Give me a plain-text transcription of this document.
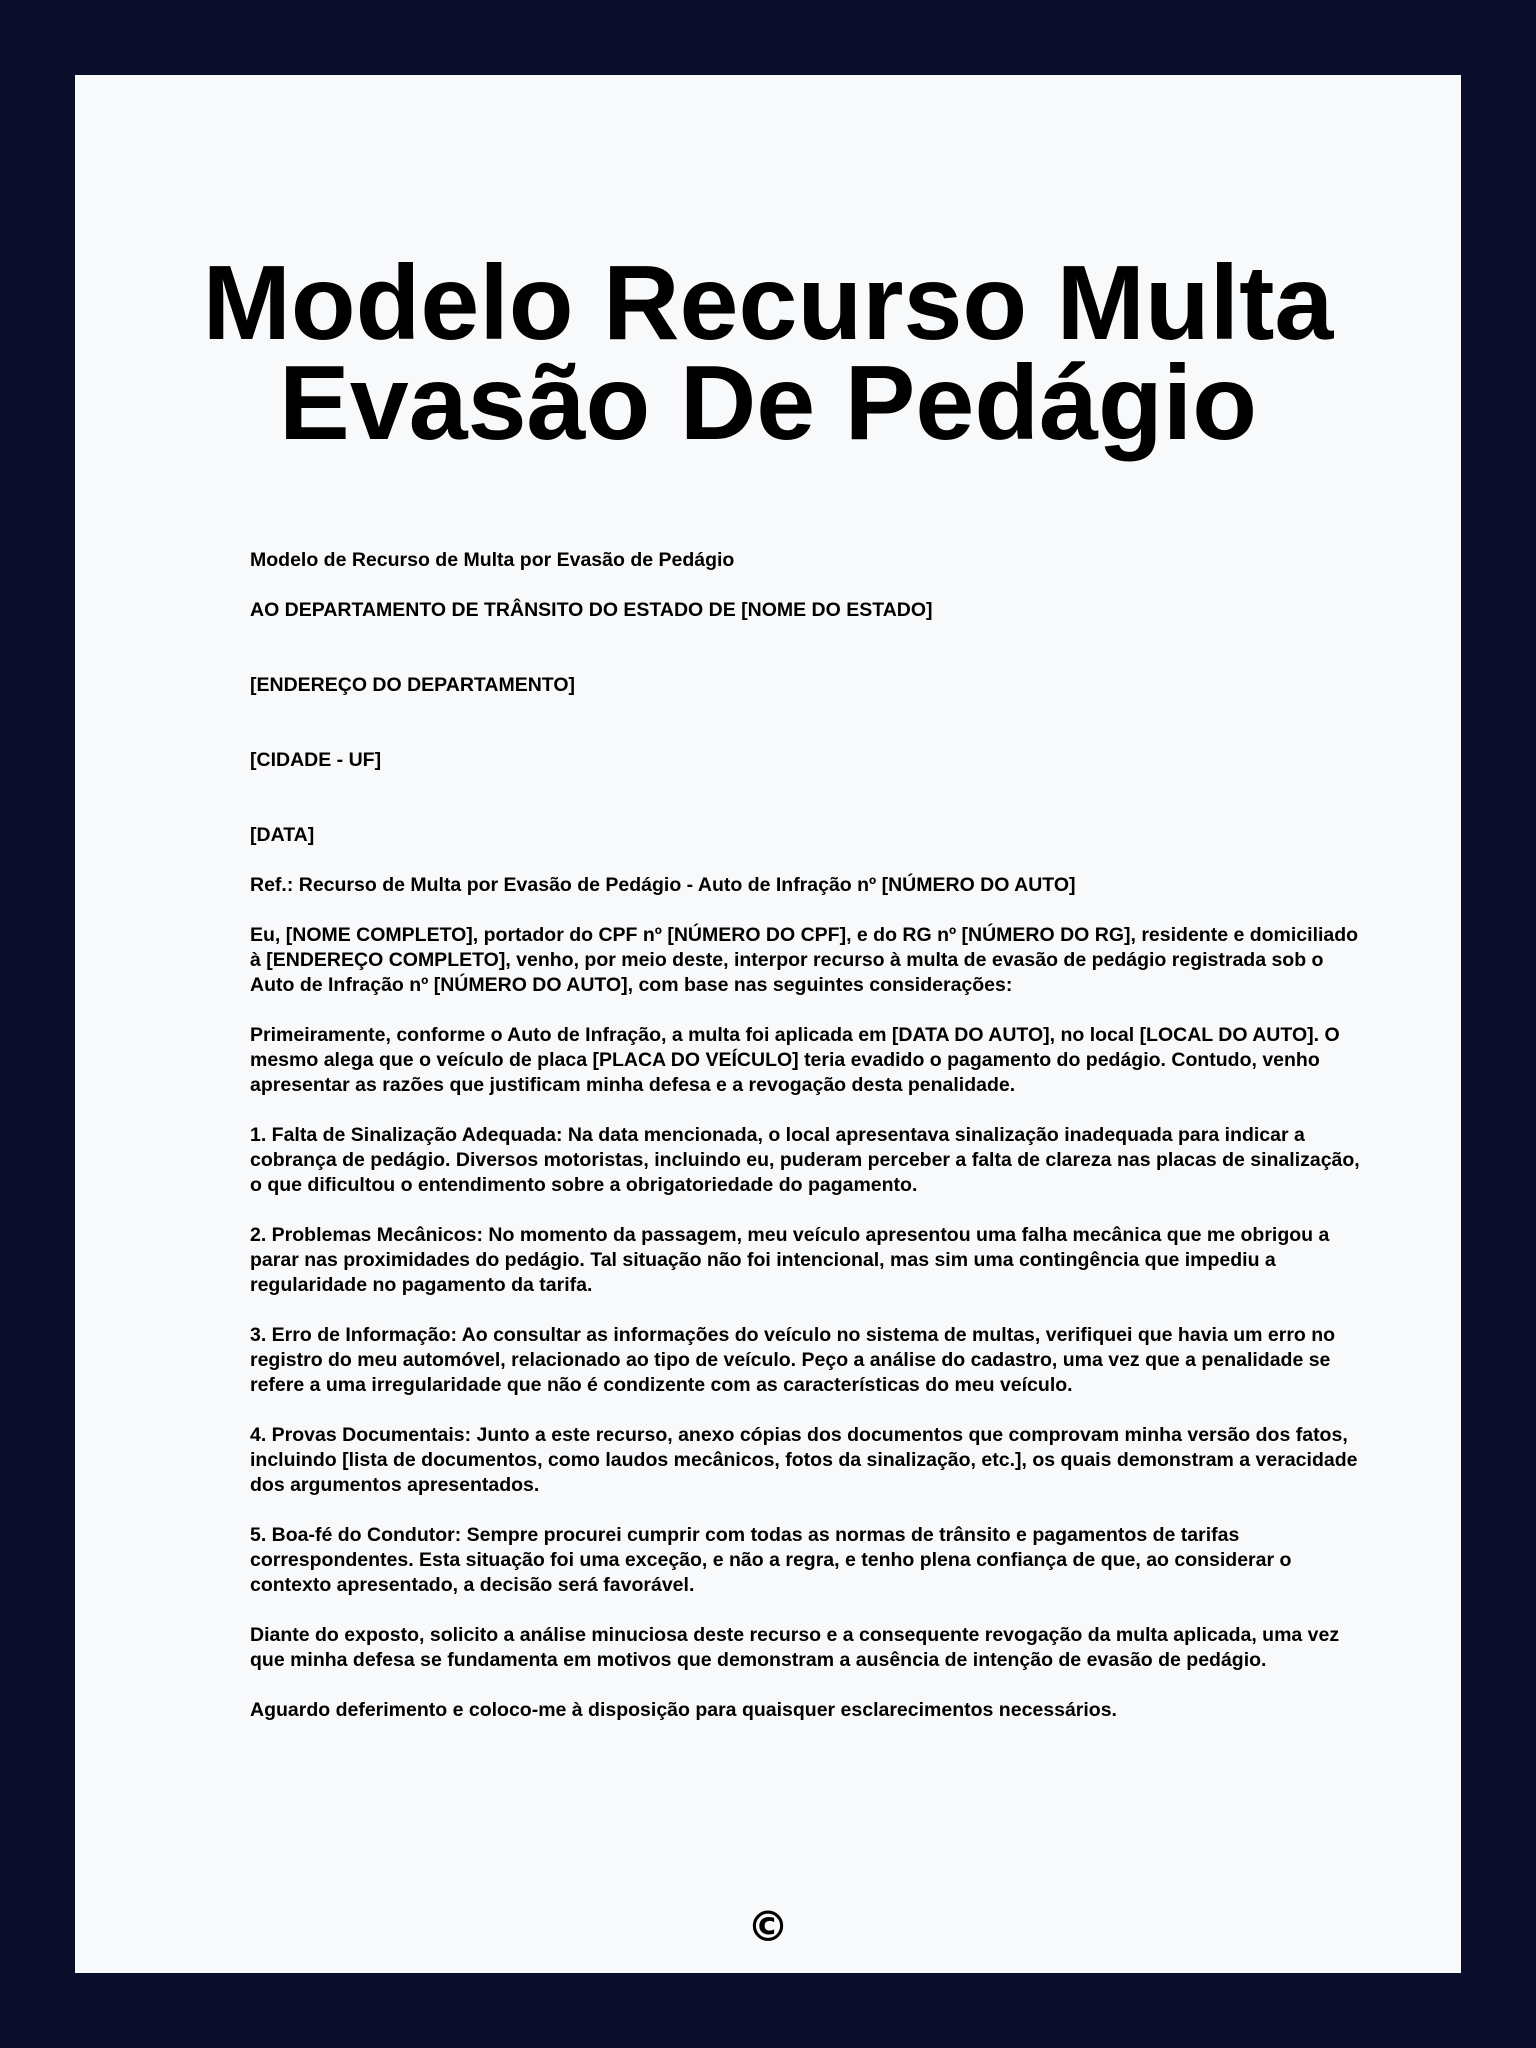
Modelo Recurso Multa
Evasão De Pedágio

Modelo de Recurso de Multa por Evasão de Pedágio

AO DEPARTAMENTO DE TRÂNSITO DO ESTADO DE [NOME DO ESTADO]

[ENDEREÇO DO DEPARTAMENTO]

[CIDADE - UF]

[DATA]

Ref.: Recurso de Multa por Evasão de Pedágio - Auto de Infração nº [NÚMERO DO AUTO]

Eu, [NOME COMPLETO], portador do CPF nº [NÚMERO DO CPF], e do RG nº [NÚMERO DO RG], residente e domiciliado à [ENDEREÇO COMPLETO], venho, por meio deste, interpor recurso à multa de evasão de pedágio registrada sob o Auto de Infração nº [NÚMERO DO AUTO], com base nas seguintes considerações:

Primeiramente, conforme o Auto de Infração, a multa foi aplicada em [DATA DO AUTO], no local [LOCAL DO AUTO]. O mesmo alega que o veículo de placa [PLACA DO VEÍCULO] teria evadido o pagamento do pedágio. Contudo, venho apresentar as razões que justificam minha defesa e a revogação desta penalidade.

1. Falta de Sinalização Adequada: Na data mencionada, o local apresentava sinalização inadequada para indicar a cobrança de pedágio. Diversos motoristas, incluindo eu, puderam perceber a falta de clareza nas placas de sinalização, o que dificultou o entendimento sobre a obrigatoriedade do pagamento.

2. Problemas Mecânicos: No momento da passagem, meu veículo apresentou uma falha mecânica que me obrigou a parar nas proximidades do pedágio. Tal situação não foi intencional, mas sim uma contingência que impediu a regularidade no pagamento da tarifa.

3. Erro de Informação: Ao consultar as informações do veículo no sistema de multas, verifiquei que havia um erro no registro do meu automóvel, relacionado ao tipo de veículo. Peço a análise do cadastro, uma vez que a penalidade se refere a uma irregularidade que não é condizente com as características do meu veículo.

4. Provas Documentais: Junto a este recurso, anexo cópias dos documentos que comprovam minha versão dos fatos, incluindo [lista de documentos, como laudos mecânicos, fotos da sinalização, etc.], os quais demonstram a veracidade dos argumentos apresentados.

5. Boa-fé do Condutor: Sempre procurei cumprir com todas as normas de trânsito e pagamentos de tarifas correspondentes. Esta situação foi uma exceção, e não a regra, e tenho plena confiança de que, ao considerar o contexto apresentado, a decisão será favorável.

Diante do exposto, solicito a análise minuciosa deste recurso e a consequente revogação da multa aplicada, uma vez que minha defesa se fundamenta em motivos que demonstram a ausência de intenção de evasão de pedágio.

Aguardo deferimento e coloco-me à disposição para quaisquer esclarecimentos necessários.

©
